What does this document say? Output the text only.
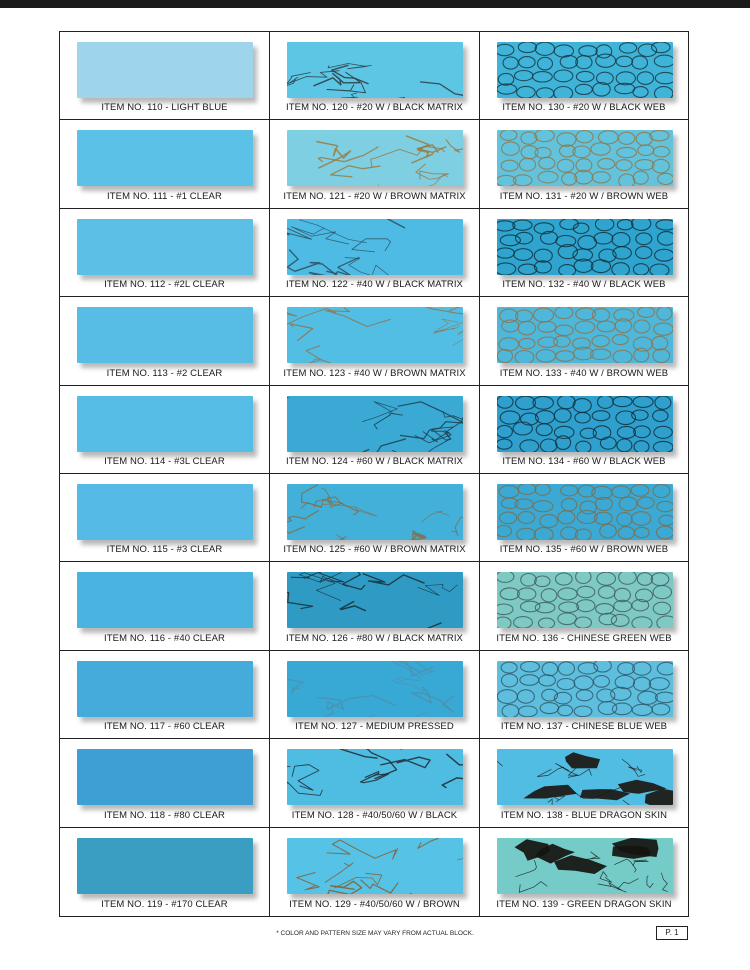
ITEM NO. 110 - LIGHT BLUE	ITEM NO. 120 - #20 W / BLACK MATRIX	ITEM NO. 130 - #20 W / BLACK WEB
ITEM NO. 111 - #1 CLEAR	ITEM NO. 121 - #20 W / BROWN MATRIX	ITEM NO. 131 - #20 W / BROWN WEB
ITEM NO. 112 - #2L CLEAR	ITEM NO. 122 - #40 W / BLACK MATRIX	ITEM NO. 132 - #40 W / BLACK WEB
ITEM NO. 113 - #2 CLEAR	ITEM NO. 123 - #40 W / BROWN MATRIX	ITEM NO. 133 - #40 W / BROWN WEB
ITEM NO. 114 - #3L CLEAR	ITEM NO. 124 - #60 W / BLACK MATRIX	ITEM NO. 134 - #60 W / BLACK WEB
ITEM NO. 115 - #3 CLEAR	ITEM NO. 125 - #60 W / BROWN MATRIX	ITEM NO. 135 - #60 W / BROWN WEB
ITEM NO. 116 - #40 CLEAR	ITEM NO. 126 - #80 W / BLACK MATRIX	ITEM NO. 136 - CHINESE GREEN WEB
ITEM NO. 117 - #60 CLEAR	ITEM NO. 127 - MEDIUM PRESSED	ITEM NO. 137 - CHINESE BLUE WEB
ITEM NO. 118 - #80 CLEAR	ITEM NO. 128 - #40/50/60 W / BLACK	ITEM NO. 138 - BLUE DRAGON SKIN
ITEM NO. 119 - #170 CLEAR	ITEM NO. 129 - #40/50/60 W / BROWN	ITEM NO. 139 - GREEN DRAGON SKIN
* COLOR AND PATTERN SIZE MAY VARY FROM ACTUAL BLOCK.	P. 1
